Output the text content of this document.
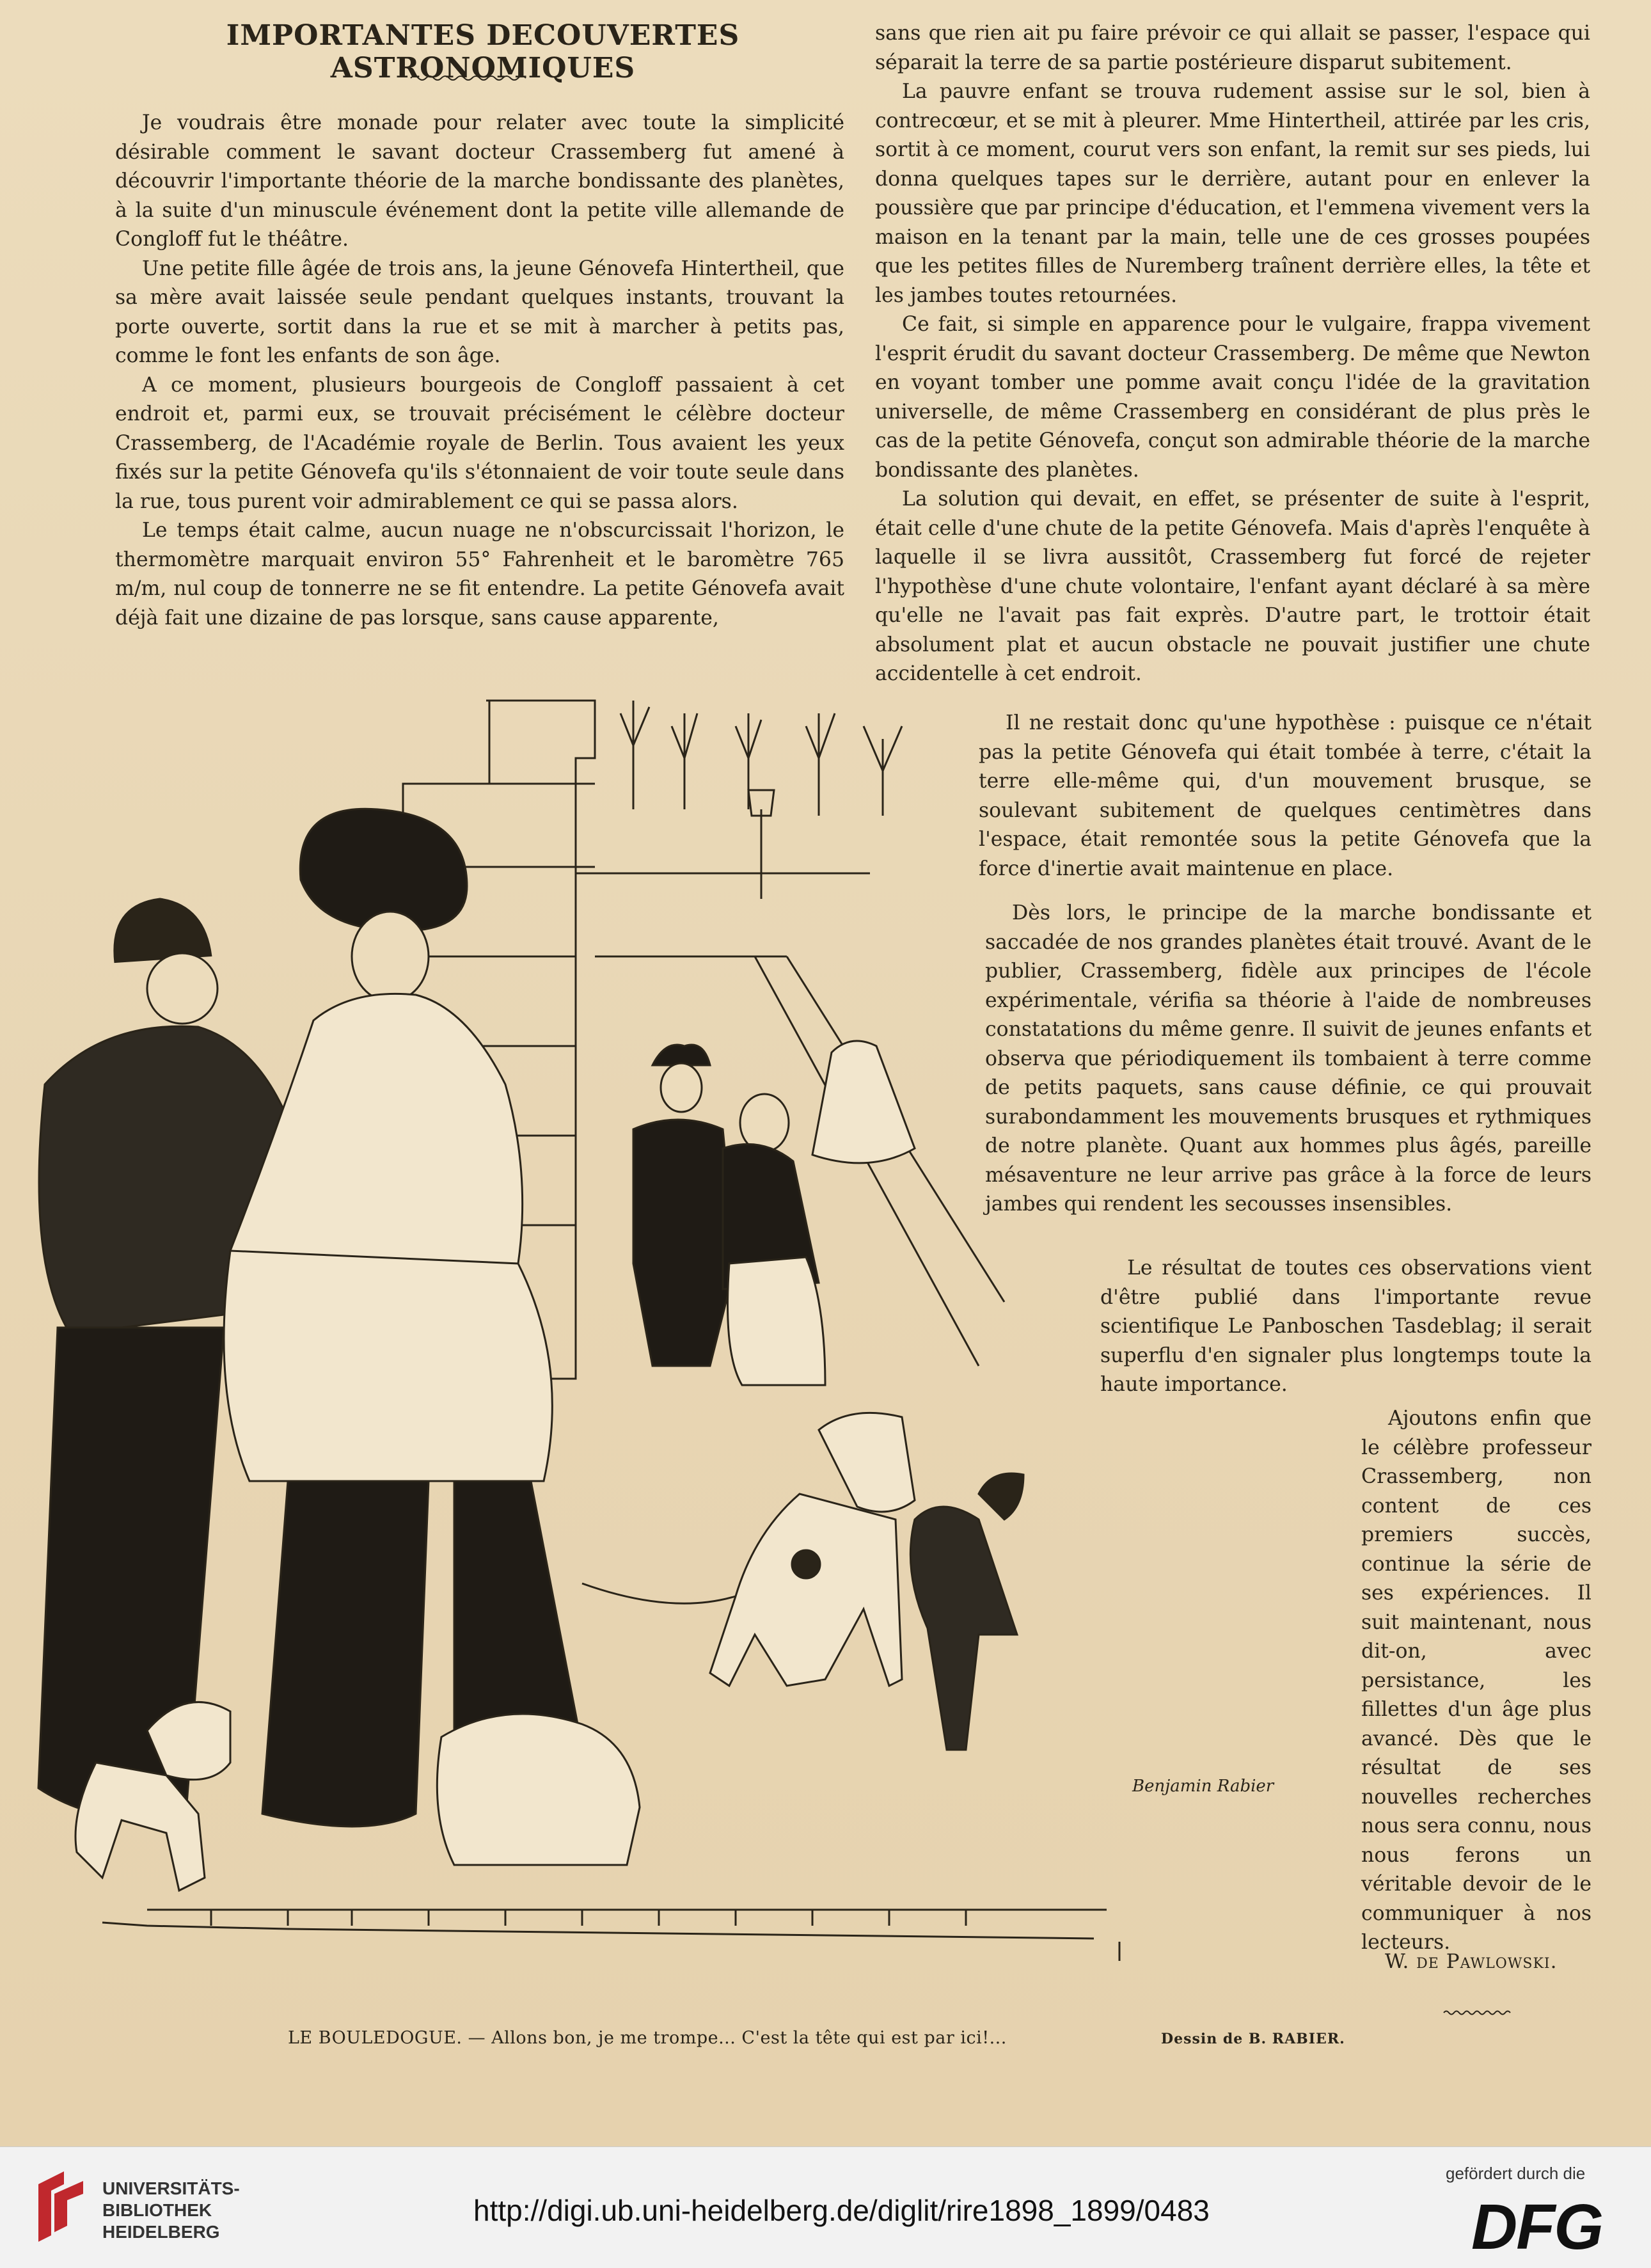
IMPORTANTES DECOUVERTES ASTRONOMIQUES

Je voudrais être monade pour relater avec toute la simplicité désirable comment le savant docteur Crassemberg fut amené à découvrir l'importante théorie de la marche bondissante des planètes, à la suite d'un minuscule événement dont la petite ville allemande de Congloff fut le théâtre.

Une petite fille âgée de trois ans, la jeune Génovefa Hintertheil, que sa mère avait laissée seule pendant quelques instants, trouvant la porte ouverte, sortit dans la rue et se mit à marcher à petits pas, comme le font les enfants de son âge.

A ce moment, plusieurs bourgeois de Congloff passaient à cet endroit et, parmi eux, se trouvait précisément le célèbre docteur Crassemberg, de l'Académie royale de Berlin. Tous avaient les yeux fixés sur la petite Génovefa qu'ils s'étonnaient de voir toute seule dans la rue, tous purent voir admirablement ce qui se passa alors.

Le temps était calme, aucun nuage ne n'obscurcissait l'horizon, le thermomètre marquait environ 55° Fahrenheit et le baromètre 765 m/m, nul coup de tonnerre ne se fit entendre. La petite Génovefa avait déjà fait une dizaine de pas lorsque, sans cause apparente,

sans que rien ait pu faire prévoir ce qui allait se passer, l'espace qui séparait la terre de sa partie postérieure disparut subitement.

La pauvre enfant se trouva rudement assise sur le sol, bien à contrecœur, et se mit à pleurer. Mme Hintertheil, attirée par les cris, sortit à ce moment, courut vers son enfant, la remit sur ses pieds, lui donna quelques tapes sur le derrière, autant pour en enlever la poussière que par principe d'éducation, et l'emmena vivement vers la maison en la tenant par la main, telle une de ces grosses poupées que les petites filles de Nuremberg traînent derrière elles, la tête et les jambes toutes retournées.

Ce fait, si simple en apparence pour le vulgaire, frappa vivement l'esprit érudit du savant docteur Crassemberg. De même que Newton en voyant tomber une pomme avait conçu l'idée de la gravitation universelle, de même Crassemberg en considérant de plus près le cas de la petite Génovefa, conçut son admirable théorie de la marche bondissante des planètes.

La solution qui devait, en effet, se présenter de suite à l'esprit, était celle d'une chute de la petite Génovefa. Mais d'après l'enquête à laquelle il se livra aussitôt, Crassemberg fut forcé de rejeter l'hypothèse d'une chute volontaire, l'enfant ayant déclaré à sa mère qu'elle ne l'avait pas fait exprès. D'autre part, le trottoir était absolument plat et aucun obstacle ne pouvait justifier une chute accidentelle à cet endroit.

Il ne restait donc qu'une hypothèse : puisque ce n'était pas la petite Génovefa qui était tombée à terre, c'était la terre elle-même qui, d'un mouvement brusque, se soulevant subitement de quelques centimètres dans l'espace, était remontée sous la petite Génovefa que la force d'inertie avait maintenue en place.

Dès lors, le principe de la marche bondissante et saccadée de nos grandes planètes était trouvé. Avant de le publier, Crassemberg, fidèle aux principes de l'école expérimentale, vérifia sa théorie à l'aide de nombreuses constatations du même genre. Il suivit de jeunes enfants et observa que périodiquement ils tombaient à terre comme de petits paquets, sans cause définie, ce qui prouvait surabondamment les mouvements brusques et rythmiques de notre planète. Quant aux hommes plus âgés, pareille mésaventure ne leur arrive pas grâce à la force de leurs jambes qui rendent les secousses insensibles.

Le résultat de toutes ces observations vient d'être publié dans l'importante revue scientifique Le Panboschen Tasdeblag; il serait superflu d'en signaler plus longtemps toute la haute importance.

Ajoutons enfin que le célèbre professeur Crassemberg, non content de ces premiers succès, continue la série de ses expériences. Il suit maintenant, nous dit-on, avec persistance, les fillettes d'un âge plus avancé. Dès que le résultat de ses nouvelles recherches nous sera connu, nous nous ferons un véritable devoir de le communiquer à nos lecteurs.

W. de Pawlowski.
Benjamin Rabier
LE BOULEDOGUE. — Allons bon, je me trompe... C'est la tête qui est par ici!...	Dessin de B. RABIER.
UNIVERSITÄTS-
BIBLIOTHEK
HEIDELBERG
http://digi.ub.uni-heidelberg.de/diglit/rire1898_1899/0483
gefördert durch die
DFG
